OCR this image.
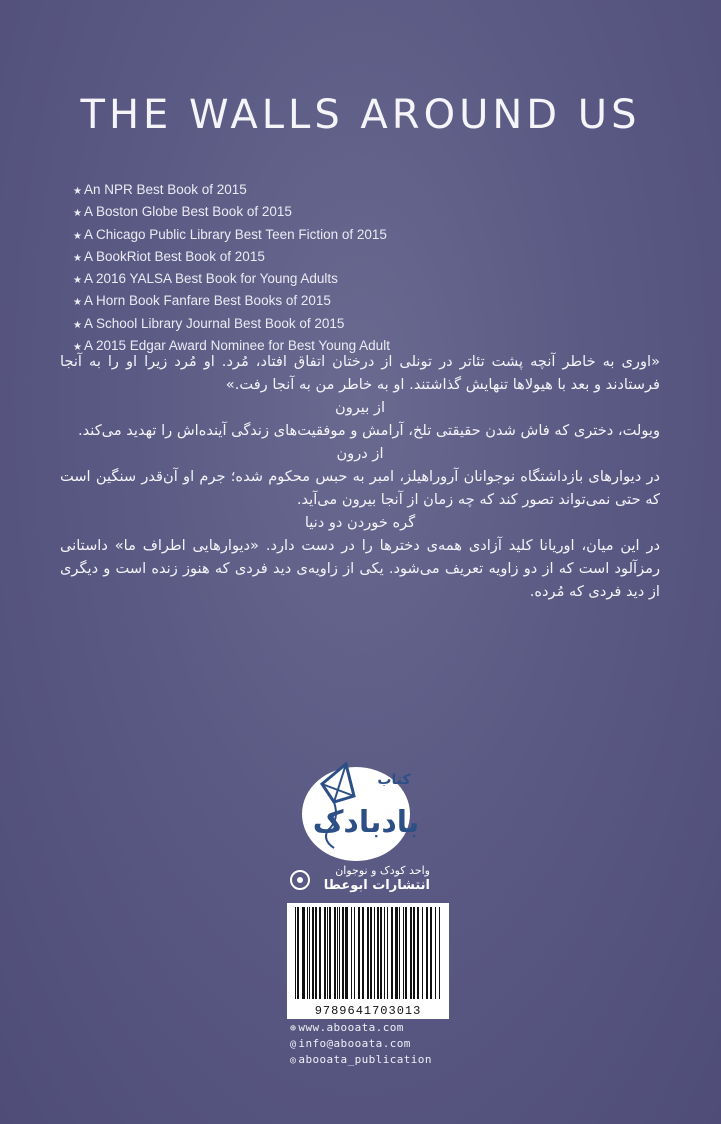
THE WALLS AROUND US
★ An NPR Best Book of 2015
★ A Boston Globe Best Book of 2015
★ A Chicago Public Library Best Teen Fiction of 2015
★ A BookRiot Best Book of 2015
★ A 2016 YALSA Best Book for Young Adults
★ A Horn Book Fanfare Best Books of 2015
★ A School Library Journal Best Book of 2015
★ A 2015 Edgar Award Nominee for Best Young Adult

«اوری به خاطر آنچه پشت تئاتر در تونلی از درختان اتفاق افتاد، مُرد. او مُرد زیرا او را به آنجا فرستادند و بعد با هیولاها تنهایش گذاشتند. او به خاطر من به آنجا رفت.»

از بیرون

ویولت، دختری که فاش شدن حقیقتی تلخ، آرامش و موفقیت‌های زندگی آینده‌اش را تهدید می‌کند.

از درون

در دیوارهای بازداشتگاه نوجوانان آروراهیلز، امبر به حبس محکوم شده؛ جرم او آن‌قدر سنگین است که حتی نمی‌تواند تصور کند که چه زمان از آنجا بیرون می‌آید.

گره خوردن دو دنیا

در این میان، اوریانا کلید آزادی همه‌ی دخترها را در دست دارد. «دیوارهایی اطراف ما» داستانی رمزآلود است که از دو زاویه تعریف می‌شود. یکی از زاویه‌ی دید فردی که هنوز زنده است و دیگری از دید فردی که مُرده.

کتاب
بادبادک
واحد کودک و نوجوان
انتشارات ابوعطا
9789641703013
⊕ www.abooata.com
@ info@abooata.com
◎ abooata_publication
